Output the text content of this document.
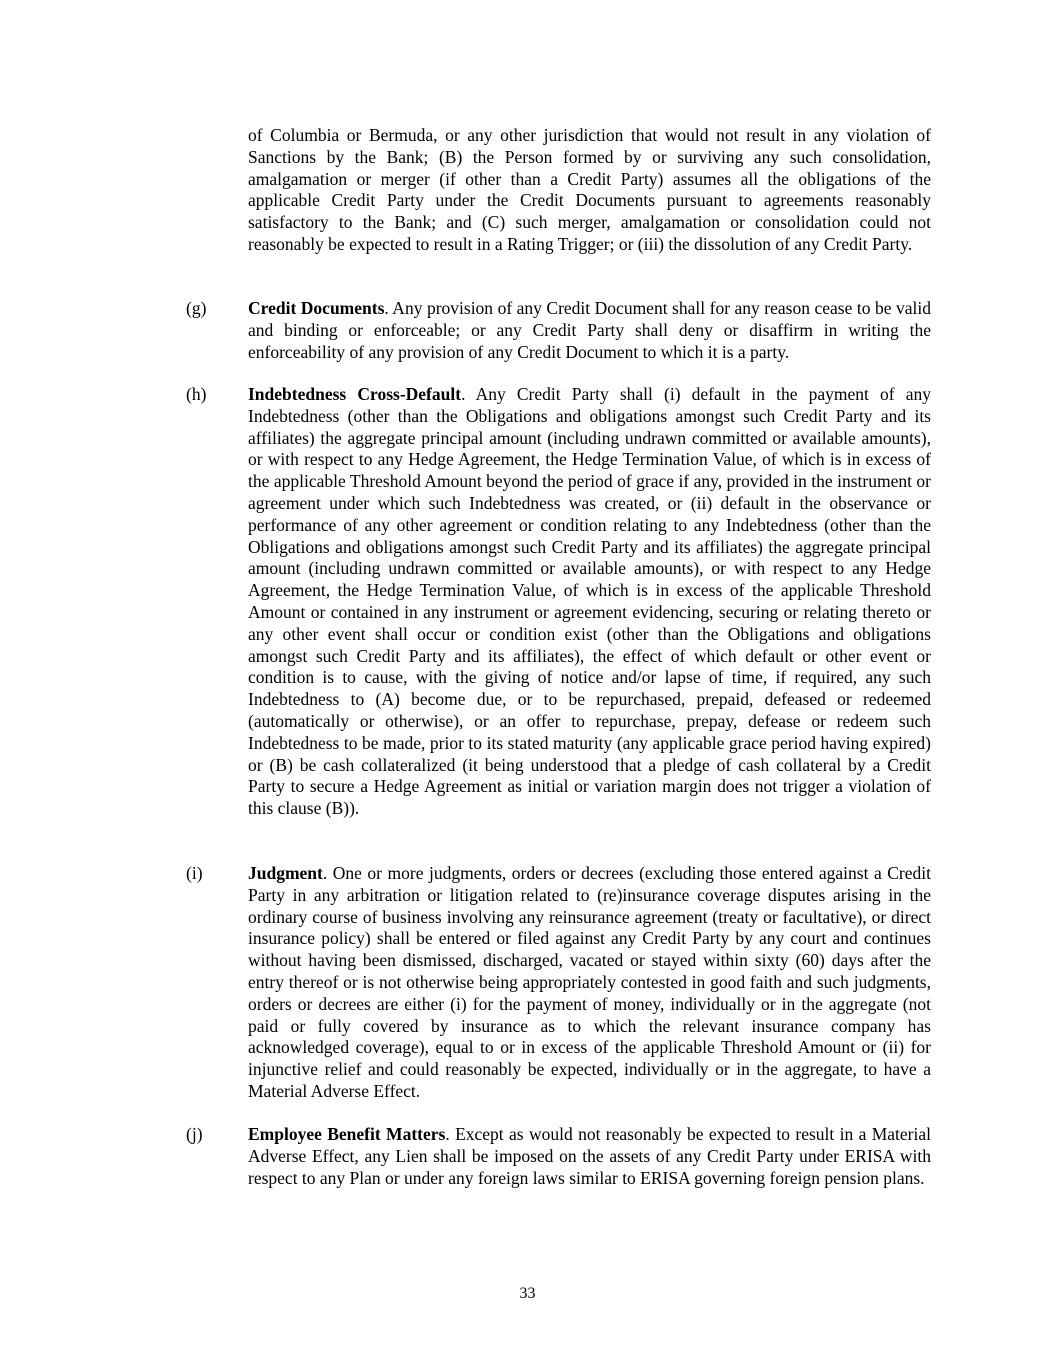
of Columbia or Bermuda, or any other jurisdiction that would not result in any violation of Sanctions by the Bank; (B) the Person formed by or surviving any such consolidation, amalgamation or merger (if other than a Credit Party) assumes all the obligations of the applicable Credit Party under the Credit Documents pursuant to agreements reasonably satisfactory to the Bank; and (C) such merger, amalgamation or consolidation could not reasonably be expected to result in a Rating Trigger; or (iii) the dissolution of any Credit Party.
(g) Credit Documents. Any provision of any Credit Document shall for any reason cease to be valid and binding or enforceable; or any Credit Party shall deny or disaffirm in writing the enforceability of any provision of any Credit Document to which it is a party.
(h) Indebtedness Cross-Default. Any Credit Party shall (i) default in the payment of any Indebtedness (other than the Obligations and obligations amongst such Credit Party and its affiliates) the aggregate principal amount (including undrawn committed or available amounts), or with respect to any Hedge Agreement, the Hedge Termination Value, of which is in excess of the applicable Threshold Amount beyond the period of grace if any, provided in the instrument or agreement under which such Indebtedness was created, or (ii) default in the observance or performance of any other agreement or condition relating to any Indebtedness (other than the Obligations and obligations amongst such Credit Party and its affiliates) the aggregate principal amount (including undrawn committed or available amounts), or with respect to any Hedge Agreement, the Hedge Termination Value, of which is in excess of the applicable Threshold Amount or contained in any instrument or agreement evidencing, securing or relating thereto or any other event shall occur or condition exist (other than the Obligations and obligations amongst such Credit Party and its affiliates), the effect of which default or other event or condition is to cause, with the giving of notice and/or lapse of time, if required, any such Indebtedness to (A) become due, or to be repurchased, prepaid, defeased or redeemed (automatically or otherwise), or an offer to repurchase, prepay, defease or redeem such Indebtedness to be made, prior to its stated maturity (any applicable grace period having expired) or (B) be cash collateralized (it being understood that a pledge of cash collateral by a Credit Party to secure a Hedge Agreement as initial or variation margin does not trigger a violation of this clause (B)).
(i)	Judgment. One or more judgments, orders or decrees (excluding those entered against a Credit Party in any arbitration or litigation related to (re)insurance coverage disputes arising in the ordinary course of business involving any reinsurance agreement (treaty or facultative), or direct insurance policy) shall be entered or filed against any Credit Party by any court and continues without having been dismissed, discharged, vacated or stayed within sixty (60) days after the entry thereof or is not otherwise being appropriately contested in good faith and such judgments, orders or decrees are either (i) for the payment of money, individually or in the aggregate (not paid or fully covered by insurance as to which the relevant insurance company has acknowledged coverage), equal to or in excess of the applicable Threshold Amount or (ii) for injunctive relief and could reasonably be expected, individually or in the aggregate, to have a Material Adverse Effect.
(j)	Employee Benefit Matters. Except as would not reasonably be expected to result in a Material Adverse Effect, any Lien shall be imposed on the assets of any Credit Party under ERISA with respect to any Plan or under any foreign laws similar to ERISA governing foreign pension plans.
33
